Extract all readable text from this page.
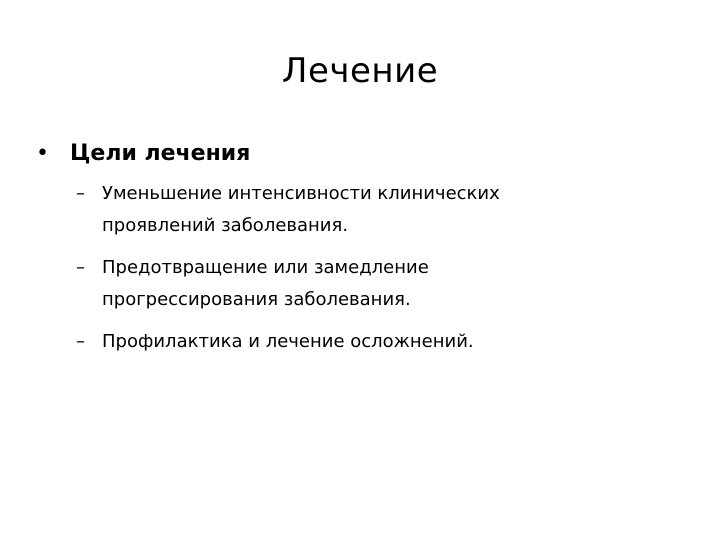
Лечение
• Цели лечения
– Уменьшение интенсивности клинических
проявлений заболевания.
– Предотвращение или замедление
прогрессирования заболевания.
– Профилактика и лечение осложнений.
